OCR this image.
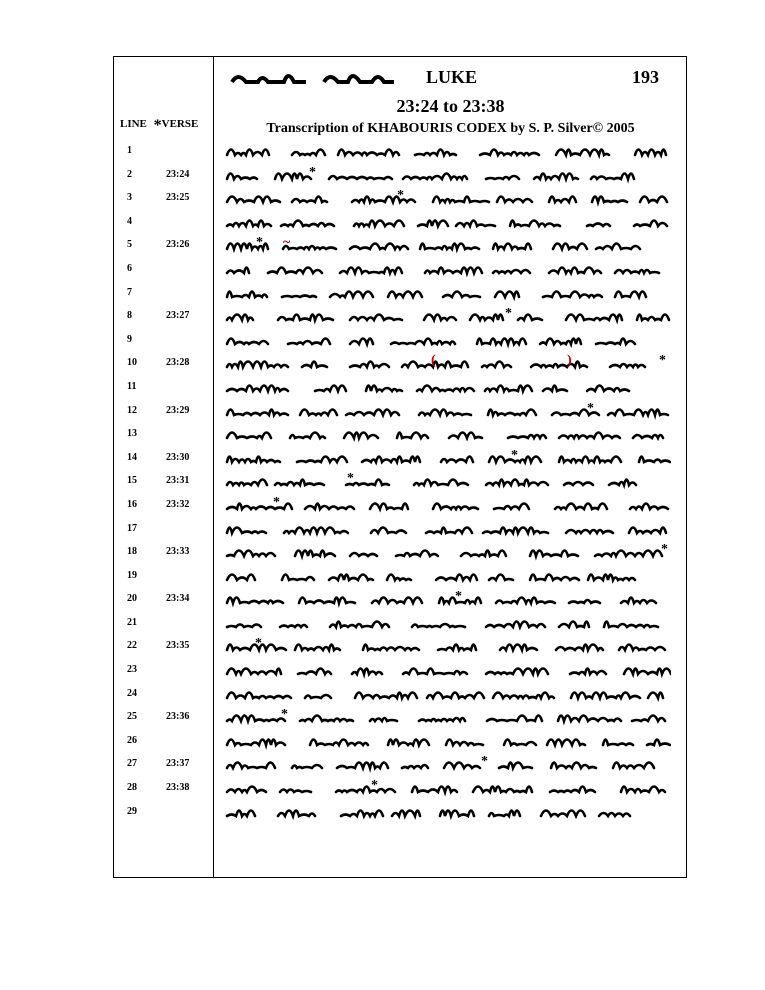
LUKE	193
23:24 to 23:38
Transcription of KHABOURIS CODEX by S. P. Silver© 2005
LINE *VERSE
1
2	23:24	*
3	23:25	*
4
5	23:26	* ~
6
7
8	23:27	*
9
10	23:28	(	)	*
11
12	23:29	*
13
14	23:30	*
15	23:31	*
16	23:32	*
17
18	23:33	*
19
20	23:34	*
21
22	23:35	*
23
24
25	23:36	*
26
27	23:37	*
28	23:38	*
29
